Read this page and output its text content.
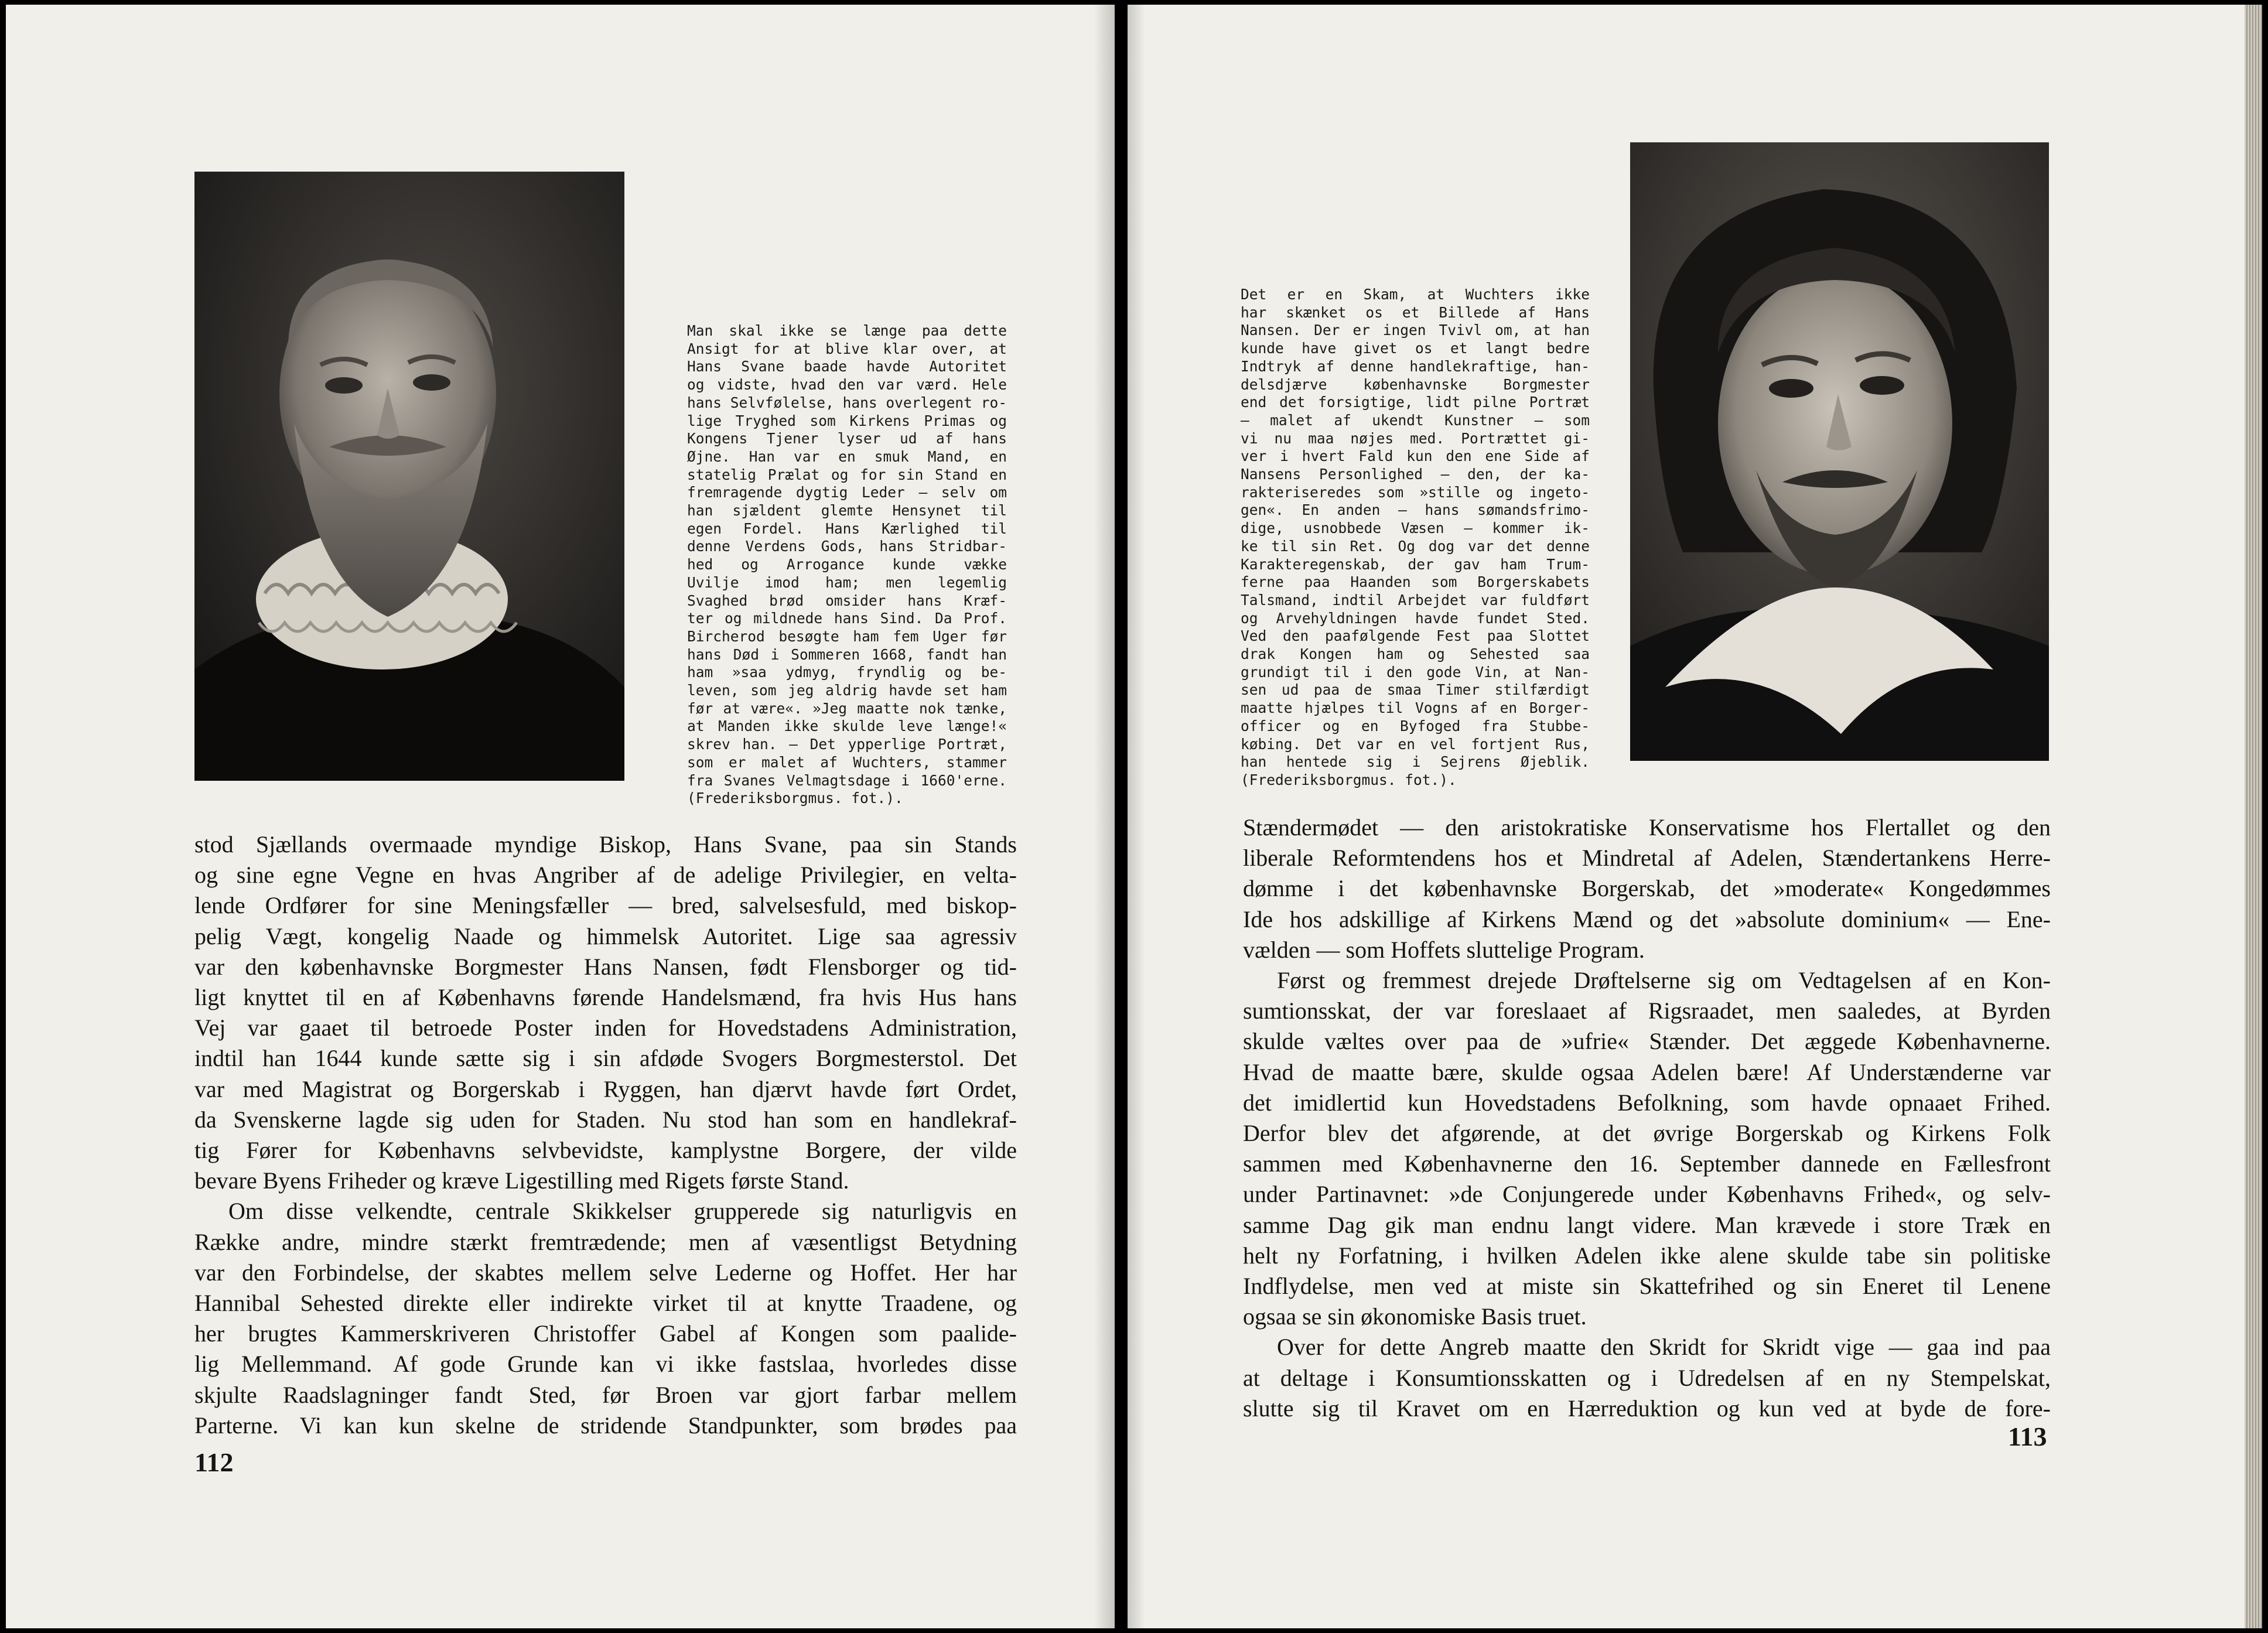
Man skal ikke se længe paa dette
Ansigt for at blive klar over, at
Hans Svane baade havde Autoritet
og vidste, hvad den var værd. Hele
hans Selvfølelse, hans overlegent ro-
lige Tryghed som Kirkens Primas og
Kongens Tjener lyser ud af hans
Øjne. Han var en smuk Mand, en
statelig Prælat og for sin Stand en
fremragende dygtig Leder — selv om
han sjældent glemte Hensynet til
egen Fordel. Hans Kærlighed til
denne Verdens Gods, hans Stridbar-
hed og Arrogance kunde vække
Uvilje imod ham; men legemlig
Svaghed brød omsider hans Kræf-
ter og mildnede hans Sind. Da Prof.
Bircherod besøgte ham fem Uger før
hans Død i Sommeren 1668, fandt han
ham »saa ydmyg, fryndlig og be-
leven, som jeg aldrig havde set ham
før at være«. »Jeg maatte nok tænke,
at Manden ikke skulde leve længe!«
skrev han. — Det ypperlige Portræt,
som er malet af Wuchters, stammer
fra Svanes Velmagtsdage i 1660'erne.
(Frederiksborgmus. fot.).
stod Sjællands overmaade myndige Biskop, Hans Svane, paa sin Stands
og sine egne Vegne en hvas Angriber af de adelige Privilegier, en velta-
lende Ordfører for sine Meningsfæller — bred, salvelsesfuld, med biskop-
pelig Vægt, kongelig Naade og himmelsk Autoritet. Lige saa agressiv
var den københavnske Borgmester Hans Nansen, født Flensborger og tid-
ligt knyttet til en af Københavns førende Handelsmænd, fra hvis Hus hans
Vej var gaaet til betroede Poster inden for Hovedstadens Administration,
indtil han 1644 kunde sætte sig i sin afdøde Svogers Borgmesterstol. Det
var med Magistrat og Borgerskab i Ryggen, han djærvt havde ført Ordet,
da Svenskerne lagde sig uden for Staden. Nu stod han som en handlekraf-
tig Fører for Københavns selvbevidste, kamplystne Borgere, der vilde
bevare Byens Friheder og kræve Ligestilling med Rigets første Stand.
Om disse velkendte, centrale Skikkelser grupperede sig naturligvis en
Række andre, mindre stærkt fremtrædende; men af væsentligst Betydning
var den Forbindelse, der skabtes mellem selve Lederne og Hoffet. Her har
Hannibal Sehested direkte eller indirekte virket til at knytte Traadene, og
her brugtes Kammerskriveren Christoffer Gabel af Kongen som paalide-
lig Mellemmand. Af gode Grunde kan vi ikke fastslaa, hvorledes disse
skjulte Raadslagninger fandt Sted, før Broen var gjort farbar mellem
Parterne. Vi kan kun skelne de stridende Standpunkter, som brødes paa
112
Det er en Skam, at Wuchters ikke
har skænket os et Billede af Hans
Nansen. Der er ingen Tvivl om, at han
kunde have givet os et langt bedre
Indtryk af denne handlekraftige, han-
delsdjærve københavnske Borgmester
end det forsigtige, lidt pilne Portræt
— malet af ukendt Kunstner — som
vi nu maa nøjes med. Portrættet gi-
ver i hvert Fald kun den ene Side af
Nansens Personlighed — den, der ka-
rakteriseredes som »stille og ingeto-
gen«. En anden — hans sømandsfrimo-
dige, usnobbede Væsen — kommer ik-
ke til sin Ret. Og dog var det denne
Karakteregenskab, der gav ham Trum-
ferne paa Haanden som Borgerskabets
Talsmand, indtil Arbejdet var fuldført
og Arvehyldningen havde fundet Sted.
Ved den paafølgende Fest paa Slottet
drak Kongen ham og Sehested saa
grundigt til i den gode Vin, at Nan-
sen ud paa de smaa Timer stilfærdigt
maatte hjælpes til Vogns af en Borger-
officer og en Byfoged fra Stubbe-
købing. Det var en vel fortjent Rus,
han hentede sig i Sejrens Øjeblik.
(Frederiksborgmus. fot.).
Stændermødet — den aristokratiske Konservatisme hos Flertallet og den
liberale Reformtendens hos et Mindretal af Adelen, Stændertankens Herre-
dømme i det københavnske Borgerskab, det »moderate« Kongedømmes
Ide hos adskillige af Kirkens Mænd og det »absolute dominium« — Ene-
vælden — som Hoffets sluttelige Program.
Først og fremmest drejede Drøftelserne sig om Vedtagelsen af en Kon-
sumtionsskat, der var foreslaaet af Rigsraadet, men saaledes, at Byrden
skulde væltes over paa de »ufrie« Stænder. Det æggede Københavnerne.
Hvad de maatte bære, skulde ogsaa Adelen bære! Af Understænderne var
det imidlertid kun Hovedstadens Befolkning, som havde opnaaet Frihed.
Derfor blev det afgørende, at det øvrige Borgerskab og Kirkens Folk
sammen med Københavnerne den 16. September dannede en Fællesfront
under Partinavnet: »de Conjungerede under Københavns Frihed«, og selv-
samme Dag gik man endnu langt videre. Man krævede i store Træk en
helt ny Forfatning, i hvilken Adelen ikke alene skulde tabe sin politiske
Indflydelse, men ved at miste sin Skattefrihed og sin Eneret til Lenene
ogsaa se sin økonomiske Basis truet.
Over for dette Angreb maatte den Skridt for Skridt vige — gaa ind paa
at deltage i Konsumtionsskatten og i Udredelsen af en ny Stempelskat,
slutte sig til Kravet om en Hærreduktion og kun ved at byde de fore-
113
